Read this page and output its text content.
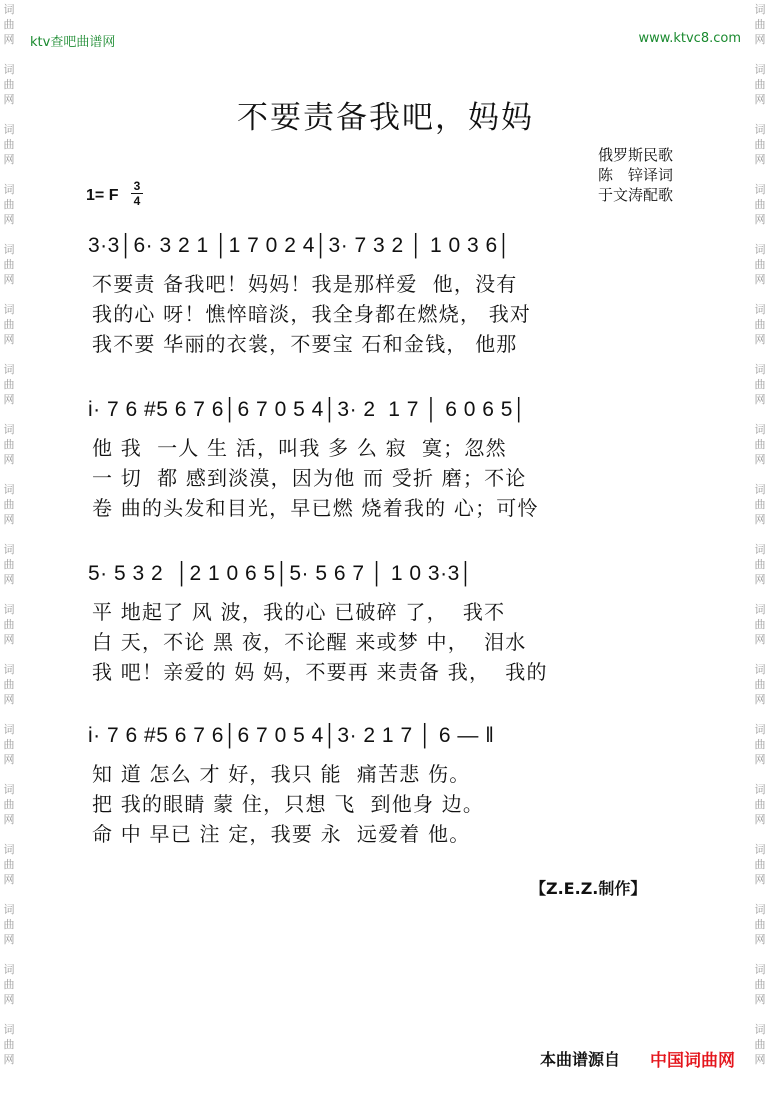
词
曲
网
词
曲
网
词
曲
网
词
曲
网
词
曲
网
词
曲
网
词
曲
网
词
曲
网
词
曲
网
词
曲
网
词
曲
网
词
曲
网
词
曲
网
词
曲
网
词
曲
网
词
曲
网
词
曲
网
词
曲
网
词
曲
网
词
曲
网
词
曲
网
词
曲
网
词
曲
网
词
曲
网
词
曲
网
词
曲
网
词
曲
网
词
曲
网
词
曲
网
词
曲
网
词
曲
网
词
曲
网
词
曲
网
词
曲
网
词
曲
网
词
曲
网
ktv查吧曲谱网	www.ktvc8.com
不要责备我吧，妈妈
俄罗斯民歌
陈　锌译词
于文涛配歌
1= F
3
4
3·3│6· 3 2 1 │1 7 0 2 4│3· 7 3 2 │ 1 0 3 6│
不要责 备我吧！妈妈！我是那样爱  他，没有
我的心 呀！憔悴暗淡，我全身都在燃烧， 我对
我不要 华丽的衣裳，不要宝 石和金钱， 他那
i· 7 6 #5 6 7 6│6 7 0 5 4│3· 2  1 7 │ 6 0 6 5│
他 我  一人 生 活，叫我 多 么 寂  寞；忽然
一 切  都 感到淡漠，因为他 而 受折 磨；不论
卷 曲的头发和目光，早已燃 烧着我的 心；可怜
5· 5 3 2  │2 1 0 6 5│5· 5 6 7 │ 1 0 3·3│
平 地起了 风 波，我的心 已破碎 了，  我不
白 天，不论 黑 夜，不论醒 来或梦 中，  泪水
我 吧！亲爱的 妈 妈，不要再 来责备 我，  我的
i· 7 6 #5 6 7 6│6 7 0 5 4│3· 2 1 7 │ 6 — ‖
知 道 怎么 才 好，我只 能  痛苦悲 伤。
把 我的眼睛 蒙 住，只想 飞  到他身 边。
命 中 早已 注 定，我要 永  远爱着 他。
【Z.E.Z.制作】
本曲谱源自 中国词曲网
